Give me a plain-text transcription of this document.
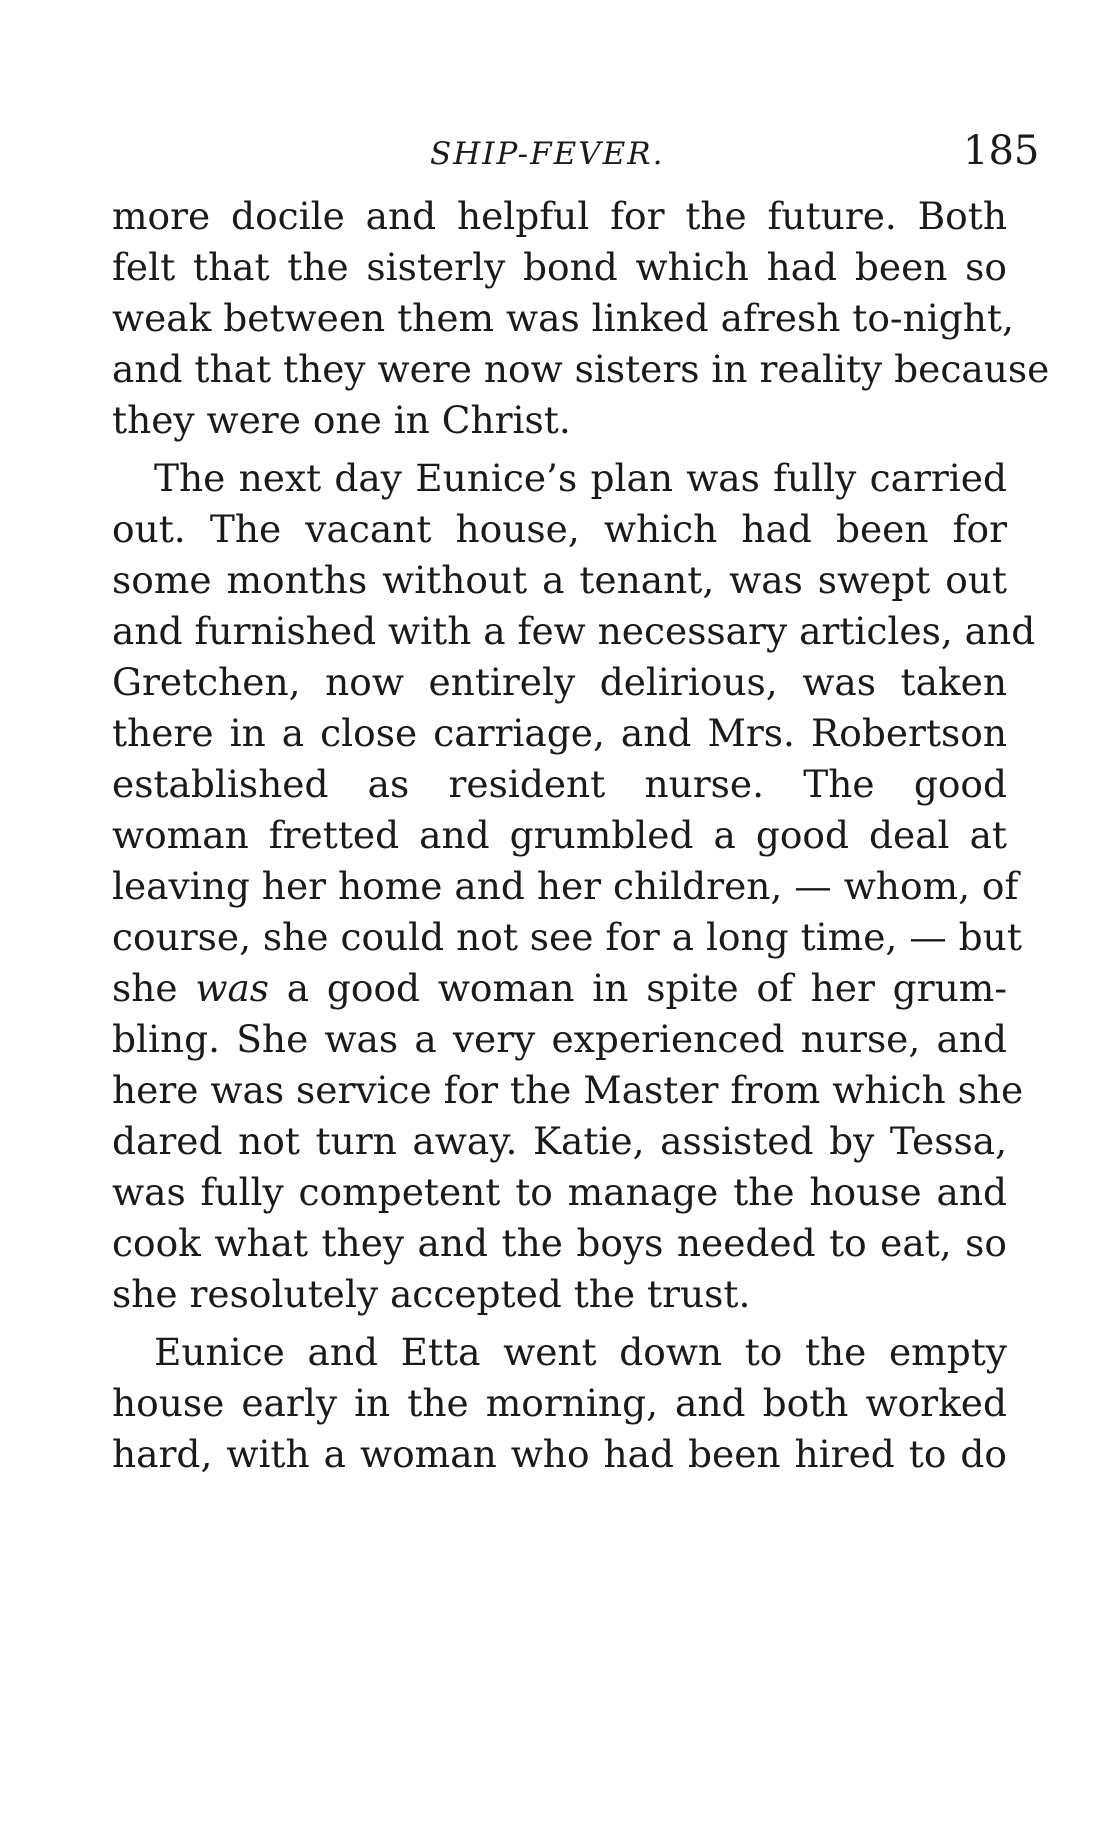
SHIP-FEVER.	185
more docile and helpful for the future. Both
felt that the sisterly bond which had been so
weak between them was linked afresh to-night,
and that they were now sisters in reality because
they were one in Christ.
The next day Eunice’s plan was fully carried
out. The vacant house, which had been for
some months without a tenant, was swept out
and furnished with a few necessary articles, and
Gretchen, now entirely delirious, was taken
there in a close carriage, and Mrs. Robertson
established as resident nurse. The good
woman fretted and grumbled a good deal at
leaving her home and her children, — whom, of
course, she could not see for a long time, — but
she was a good woman in spite of her grum-
bling. She was a very experienced nurse, and
here was service for the Master from which she
dared not turn away. Katie, assisted by Tessa,
was fully competent to manage the house and
cook what they and the boys needed to eat, so
she resolutely accepted the trust.
Eunice and Etta went down to the empty
house early in the morning, and both worked
hard, with a woman who had been hired to do
